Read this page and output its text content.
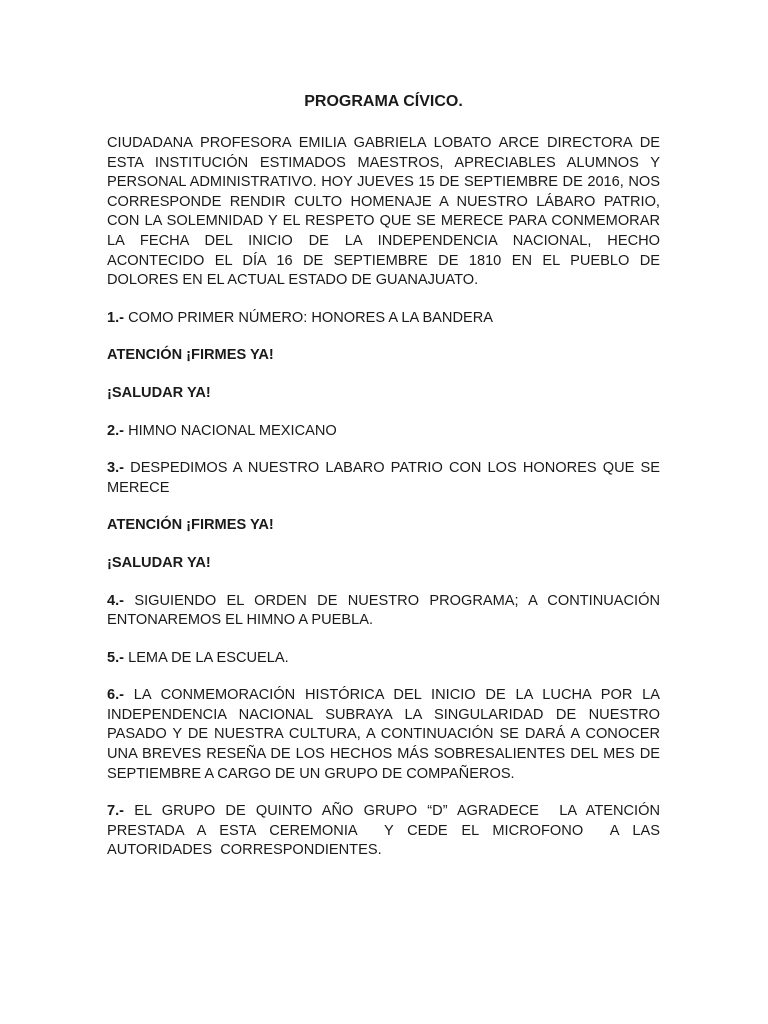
PROGRAMA CÍVICO.

CIUDADANA PROFESORA EMILIA GABRIELA LOBATO ARCE DIRECTORA DE ESTA INSTITUCIÓN ESTIMADOS MAESTROS, APRECIABLES ALUMNOS Y PERSONAL ADMINISTRATIVO. HOY JUEVES 15 DE SEPTIEMBRE DE 2016, NOS CORRESPONDE RENDIR CULTO HOMENAJE A NUESTRO LÁBARO PATRIO, CON LA SOLEMNIDAD Y EL RESPETO QUE SE MERECE PARA CONMEMORAR LA FECHA DEL INICIO DE LA INDEPENDENCIA NACIONAL, HECHO ACONTECIDO EL DÍA 16 DE SEPTIEMBRE DE 1810 EN EL PUEBLO DE DOLORES EN EL ACTUAL ESTADO DE GUANAJUATO.

1.- COMO PRIMER NÚMERO: HONORES A LA BANDERA

ATENCIÓN ¡FIRMES YA!
¡SALUDAR YA!

2.- HIMNO NACIONAL MEXICANO

3.- DESPEDIMOS A NUESTRO LABARO PATRIO CON LOS HONORES QUE SE MERECE

ATENCIÓN ¡FIRMES YA!
¡SALUDAR YA!

4.- SIGUIENDO EL ORDEN DE NUESTRO PROGRAMA; A CONTINUACIÓN ENTONAREMOS EL HIMNO A PUEBLA.

5.- LEMA DE LA ESCUELA.

6.- LA CONMEMORACIÓN HISTÓRICA DEL INICIO DE LA LUCHA POR LA INDEPENDENCIA NACIONAL SUBRAYA LA SINGULARIDAD DE NUESTRO PASADO Y DE NUESTRA CULTURA, A CONTINUACIÓN SE DARÁ A CONOCER UNA BREVES RESEÑA DE LOS HECHOS MÁS SOBRESALIENTES DEL MES DE SEPTIEMBRE A CARGO DE UN GRUPO DE COMPAÑEROS.

7.- EL GRUPO DE QUINTO AÑO GRUPO “D” AGRADECE  LA ATENCIÓN PRESTADA A ESTA CEREMONIA  Y CEDE EL MICROFONO  A LAS AUTORIDADES  CORRESPONDIENTES.
